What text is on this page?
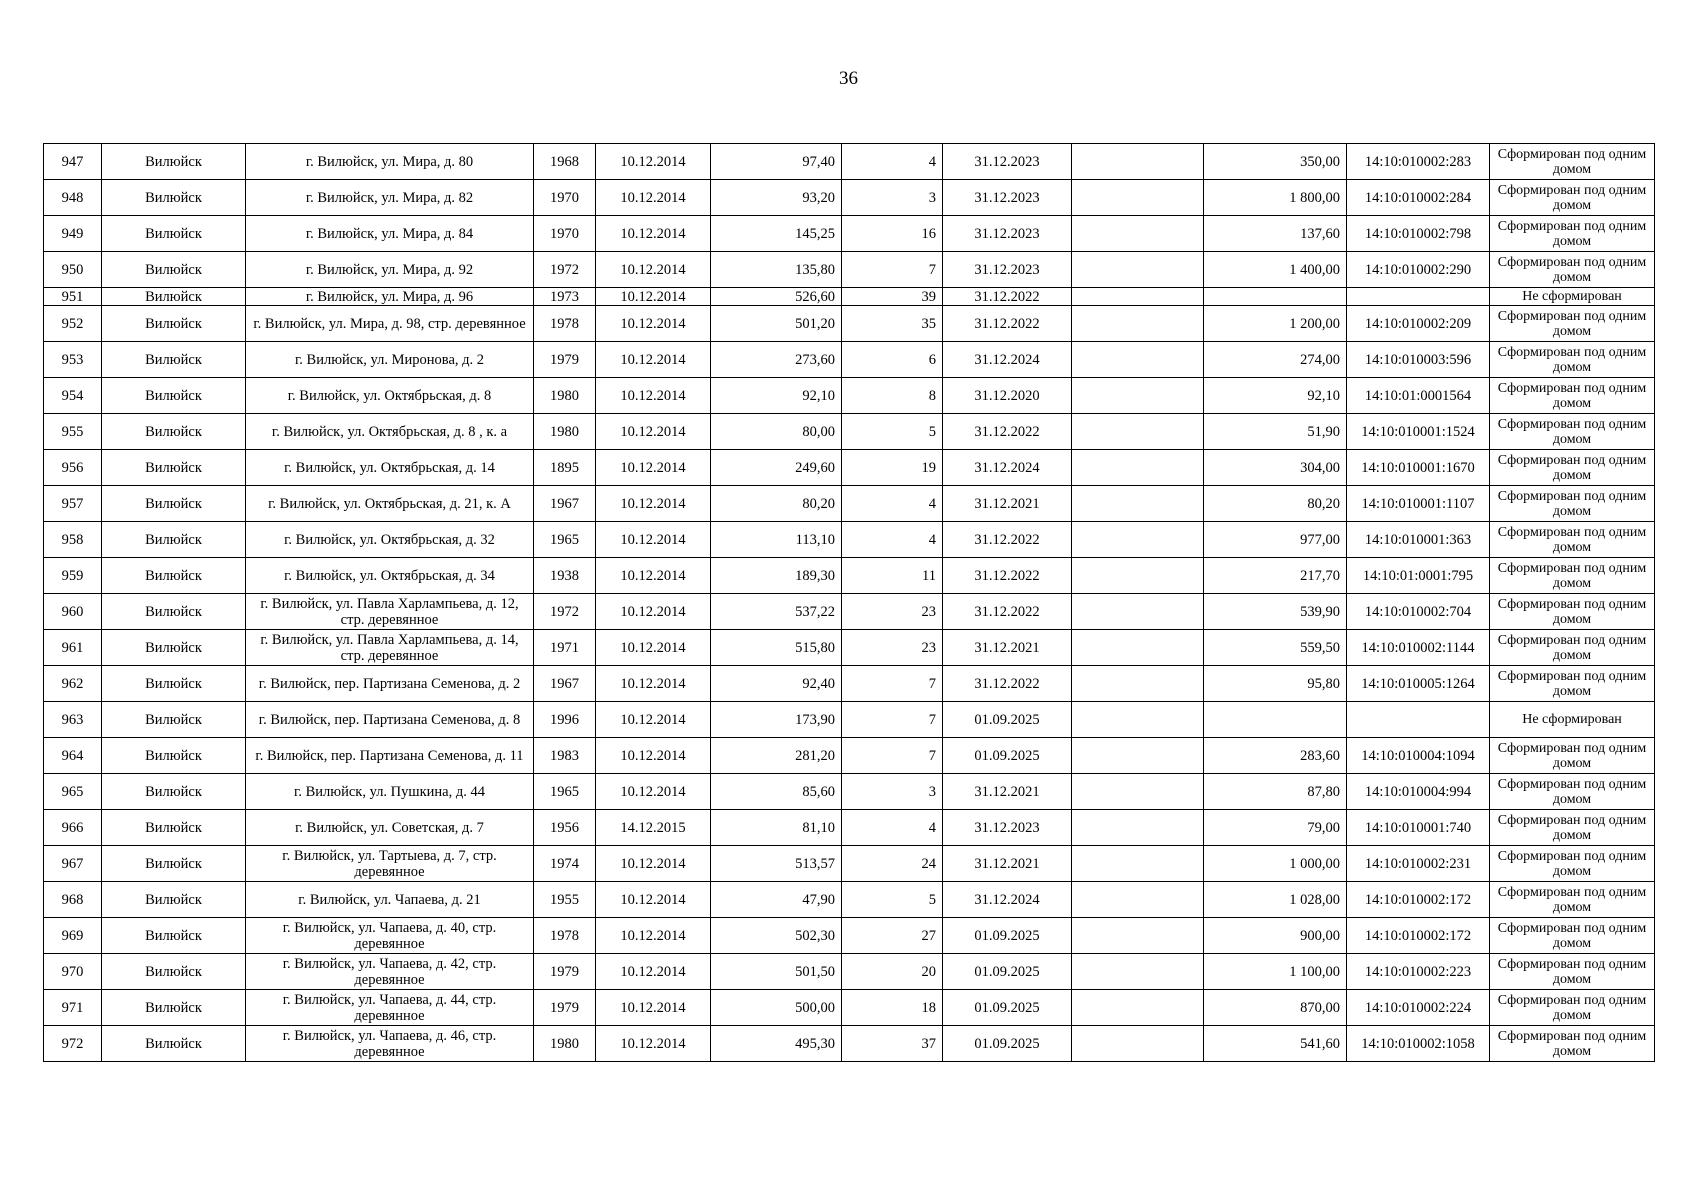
36
947	Вилюйск	г. Вилюйск, ул. Мира, д. 80	1968	10.12.2014	97,40	4	31.12.2023		350,00	14:10:010002:283	Сформирован под одним домом
948	Вилюйск	г. Вилюйск, ул. Мира, д. 82	1970	10.12.2014	93,20	3	31.12.2023		1 800,00	14:10:010002:284	Сформирован под одним домом
949	Вилюйск	г. Вилюйск, ул. Мира, д. 84	1970	10.12.2014	145,25	16	31.12.2023		137,60	14:10:010002:798	Сформирован под одним домом
950	Вилюйск	г. Вилюйск, ул. Мира, д. 92	1972	10.12.2014	135,80	7	31.12.2023		1 400,00	14:10:010002:290	Сформирован под одним домом
951	Вилюйск	г. Вилюйск, ул. Мира, д. 96	1973	10.12.2014	526,60	39	31.12.2022				Не сформирован
952	Вилюйск	г. Вилюйск, ул. Мира, д. 98, стр. деревянное	1978	10.12.2014	501,20	35	31.12.2022		1 200,00	14:10:010002:209	Сформирован под одним домом
953	Вилюйск	г. Вилюйск, ул. Миронова, д. 2	1979	10.12.2014	273,60	6	31.12.2024		274,00	14:10:010003:596	Сформирован под одним домом
954	Вилюйск	г. Вилюйск, ул. Октябрьская, д. 8	1980	10.12.2014	92,10	8	31.12.2020		92,10	14:10:01:0001564	Сформирован под одним домом
955	Вилюйск	г. Вилюйск, ул. Октябрьская, д. 8 , к. а	1980	10.12.2014	80,00	5	31.12.2022		51,90	14:10:010001:1524	Сформирован под одним домом
956	Вилюйск	г. Вилюйск, ул. Октябрьская, д. 14	1895	10.12.2014	249,60	19	31.12.2024		304,00	14:10:010001:1670	Сформирован под одним домом
957	Вилюйск	г. Вилюйск, ул. Октябрьская, д. 21, к. А	1967	10.12.2014	80,20	4	31.12.2021		80,20	14:10:010001:1107	Сформирован под одним домом
958	Вилюйск	г. Вилюйск, ул. Октябрьская, д. 32	1965	10.12.2014	113,10	4	31.12.2022		977,00	14:10:010001:363	Сформирован под одним домом
959	Вилюйск	г. Вилюйск, ул. Октябрьская, д. 34	1938	10.12.2014	189,30	11	31.12.2022		217,70	14:10:01:0001:795	Сформирован под одним домом
960	Вилюйск	г. Вилюйск, ул. Павла Харлампьева, д. 12, стр. деревянное	1972	10.12.2014	537,22	23	31.12.2022		539,90	14:10:010002:704	Сформирован под одним домом
961	Вилюйск	г. Вилюйск, ул. Павла Харлампьева, д. 14, стр. деревянное	1971	10.12.2014	515,80	23	31.12.2021		559,50	14:10:010002:1144	Сформирован под одним домом
962	Вилюйск	г. Вилюйск, пер. Партизана Семенова, д. 2	1967	10.12.2014	92,40	7	31.12.2022		95,80	14:10:010005:1264	Сформирован под одним домом
963	Вилюйск	г. Вилюйск, пер. Партизана Семенова, д. 8	1996	10.12.2014	173,90	7	01.09.2025				Не сформирован
964	Вилюйск	г. Вилюйск, пер. Партизана Семенова, д. 11	1983	10.12.2014	281,20	7	01.09.2025		283,60	14:10:010004:1094	Сформирован под одним домом
965	Вилюйск	г. Вилюйск, ул. Пушкина, д. 44	1965	10.12.2014	85,60	3	31.12.2021		87,80	14:10:010004:994	Сформирован под одним домом
966	Вилюйск	г. Вилюйск, ул. Советская, д. 7	1956	14.12.2015	81,10	4	31.12.2023		79,00	14:10:010001:740	Сформирован под одним домом
967	Вилюйск	г. Вилюйск, ул. Тартыева, д. 7, стр. деревянное	1974	10.12.2014	513,57	24	31.12.2021		1 000,00	14:10:010002:231	Сформирован под одним домом
968	Вилюйск	г. Вилюйск, ул. Чапаева, д. 21	1955	10.12.2014	47,90	5	31.12.2024		1 028,00	14:10:010002:172	Сформирован под одним домом
969	Вилюйск	г. Вилюйск, ул. Чапаева, д. 40, стр. деревянное	1978	10.12.2014	502,30	27	01.09.2025		900,00	14:10:010002:172	Сформирован под одним домом
970	Вилюйск	г. Вилюйск, ул. Чапаева, д. 42, стр. деревянное	1979	10.12.2014	501,50	20	01.09.2025		1 100,00	14:10:010002:223	Сформирован под одним домом
971	Вилюйск	г. Вилюйск, ул. Чапаева, д. 44, стр. деревянное	1979	10.12.2014	500,00	18	01.09.2025		870,00	14:10:010002:224	Сформирован под одним домом
972	Вилюйск	г. Вилюйск, ул. Чапаева, д. 46, стр. деревянное	1980	10.12.2014	495,30	37	01.09.2025		541,60	14:10:010002:1058	Сформирован под одним домом
